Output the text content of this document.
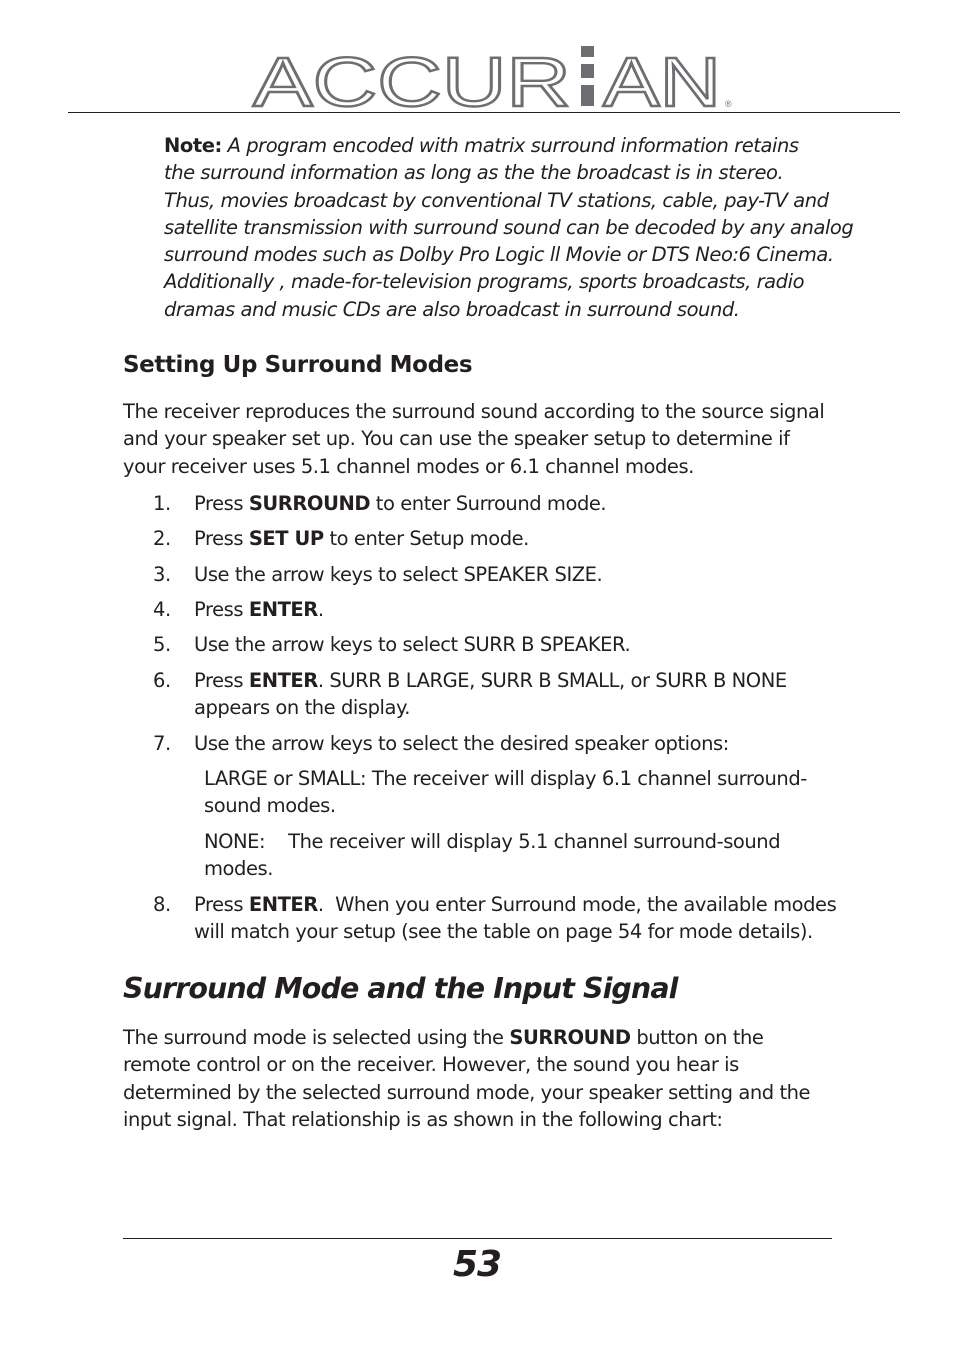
ACCUR AN ®
Note: A program encoded with matrix surround information retains
the surround information as long as the the broadcast is in stereo.
Thus, movies broadcast by conventional TV stations, cable, pay-TV and
satellite transmission with surround sound can be decoded by any analog
surround modes such as Dolby Pro Logic ll Movie or DTS Neo:6 Cinema.
Additionally , made-for-television programs, sports broadcasts, radio
dramas and music CDs are also broadcast in surround sound.
Setting Up Surround Modes

The receiver reproduces the surround sound according to the source signal
and your speaker set up. You can use the speaker setup to determine if
your receiver uses 5.1 channel modes or 6.1 channel modes.

1. Press SURROUND to enter Surround mode.
2. Press SET UP to enter Setup mode.
3. Use the arrow keys to select SPEAKER SIZE.
4. Press ENTER.
5. Use the arrow keys to select SURR B SPEAKER.
6. Press ENTER. SURR B LARGE, SURR B SMALL, or SURR B NONE
appears on the display.
7. Use the arrow keys to select the desired speaker options:
LARGE or SMALL: The receiver will display 6.1 channel surround-
sound modes.
NONE:    The receiver will display 5.1 channel surround-sound
modes.
8. Press ENTER.  When you enter Surround mode, the available modes
will match your setup (see the table on page 54 for mode details).
Surround Mode and the Input Signal

The surround mode is selected using the SURROUND button on the
remote control or on the receiver. However, the sound you hear is
determined by the selected surround mode, your speaker setting and the
input signal. That relationship is as shown in the following chart:

53
